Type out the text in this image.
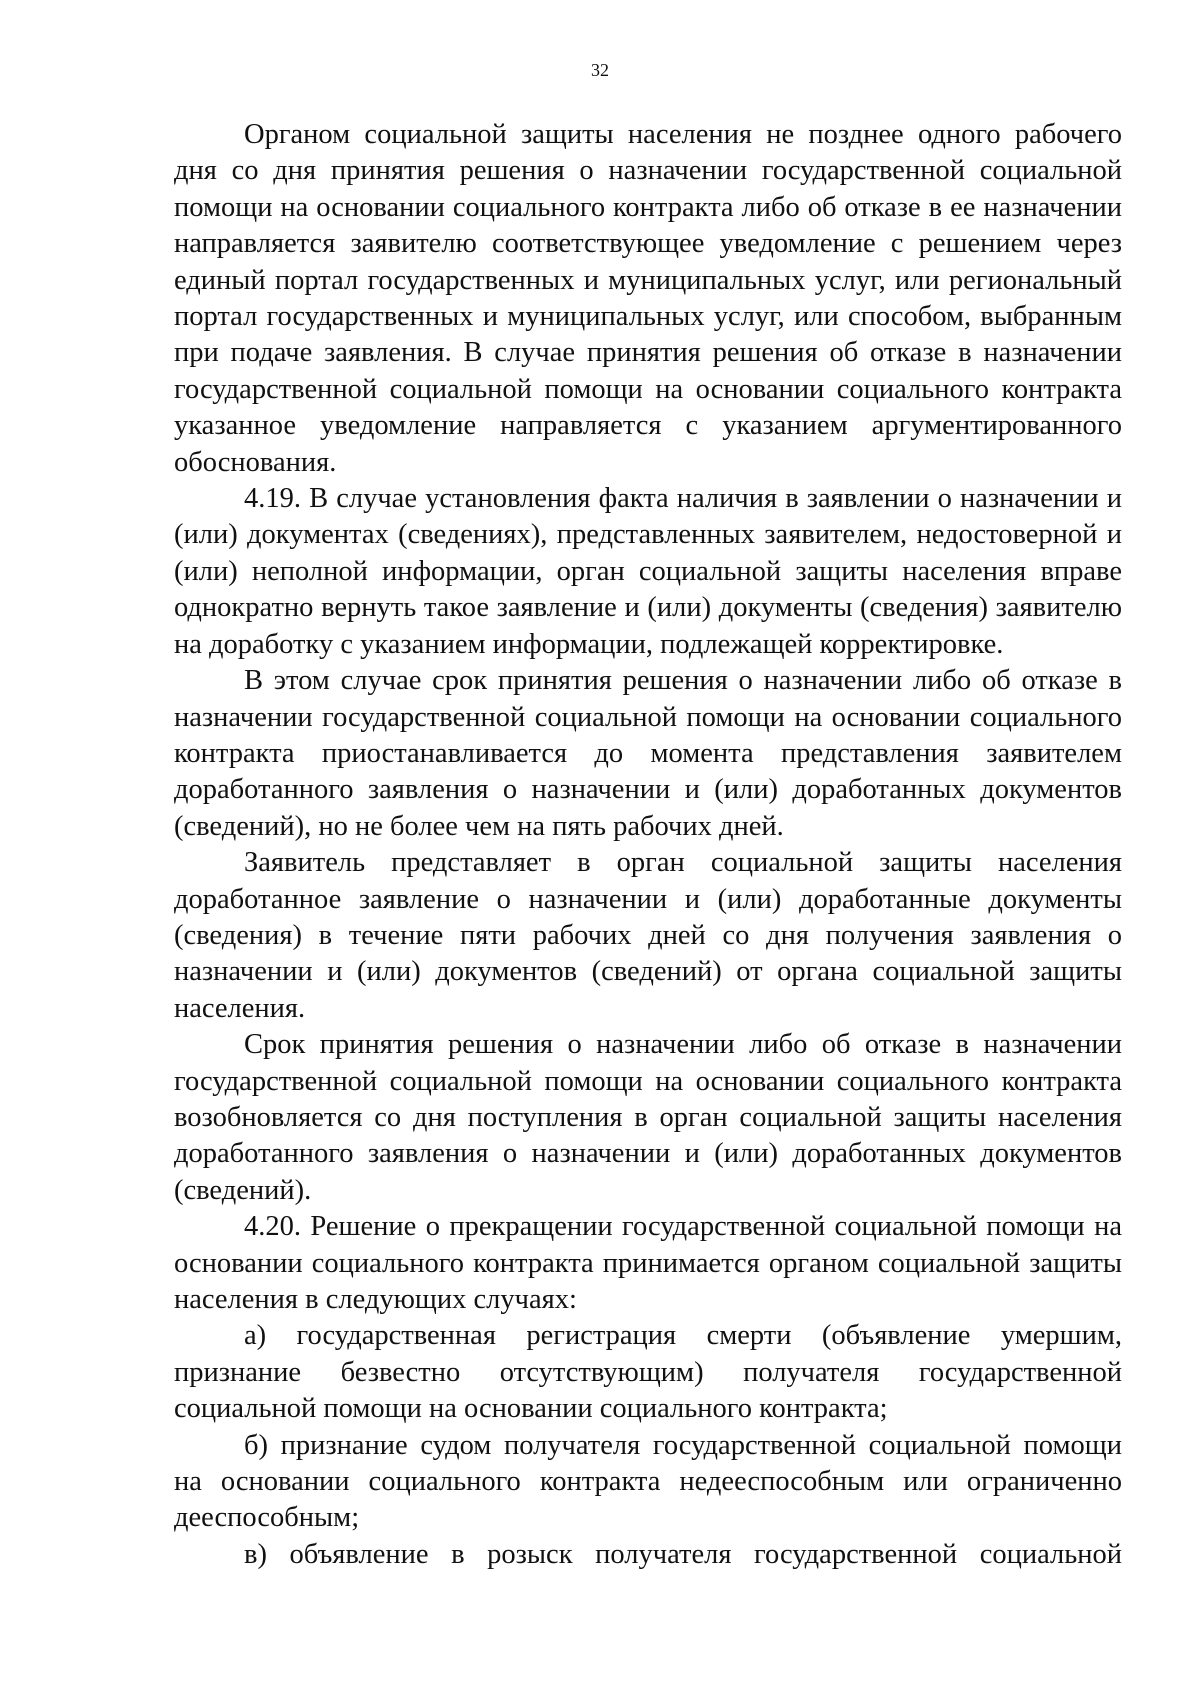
32

Органом социальной защиты населения не позднее одного рабочего дня со дня принятия решения о назначении государственной социальной помощи на основании социального контракта либо об отказе в ее назначении направляется заявителю соответствующее уведомление с решением через единый портал государственных и муниципальных услуг, или региональный портал государственных и муниципальных услуг, или способом, выбранным при подаче заявления. В случае принятия решения об отказе в назначении государственной социальной помощи на основании социального контракта указанное уведомление направляется с указанием аргументированного обоснования.

4.19. В случае установления факта наличия в заявлении о назначении и (или) документах (сведениях), представленных заявителем, недостоверной и (или) неполной информации, орган социальной защиты населения вправе однократно вернуть такое заявление и (или) документы (сведения) заявителю на доработку с указанием информации, подлежащей корректировке.

В этом случае срок принятия решения о назначении либо об отказе в назначении государственной социальной помощи на основании социального контракта приостанавливается до момента представления заявителем доработанного заявления о назначении и (или) доработанных документов (сведений), но не более чем на пять рабочих дней.

Заявитель представляет в орган социальной защиты населения доработанное заявление о назначении и (или) доработанные документы (сведения) в течение пяти рабочих дней со дня получения заявления о назначении и (или) документов (сведений) от органа социальной защиты населения.

Срок принятия решения о назначении либо об отказе в назначении государственной социальной помощи на основании социального контракта возобновляется со дня поступления в орган социальной защиты населения доработанного заявления о назначении и (или) доработанных документов (сведений).

4.20. Решение о прекращении государственной социальной помощи на основании социального контракта принимается органом социальной защиты населения в следующих случаях:

а) государственная регистрация смерти (объявление умершим, признание безвестно отсутствующим) получателя государственной социальной помощи на основании социального контракта;

б) признание судом получателя государственной социальной помощи на основании социального контракта недееспособным или ограниченно дееспособным;

в) объявление в розыск получателя государственной социальной
